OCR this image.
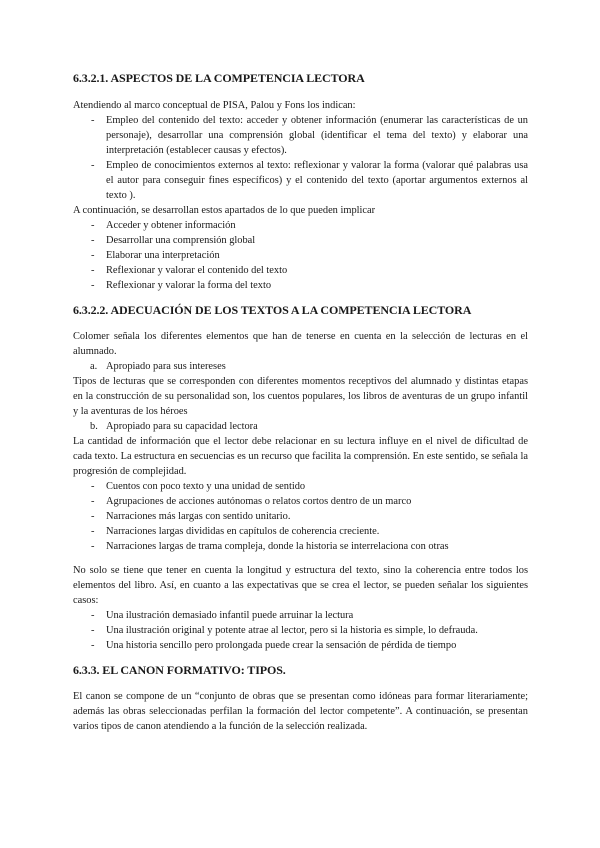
6.3.2.1. ASPECTOS DE LA COMPETENCIA LECTORA

Atendiendo al marco conceptual de PISA, Palou y Fons los indican:

- Empleo del contenido del texto: acceder y obtener información (enumerar las características de un personaje), desarrollar una comprensión global (identificar el tema del texto) y elaborar una interpretación (establecer causas y efectos).
- Empleo de conocimientos externos al texto: reflexionar y valorar la forma (valorar qué palabras usa el autor para conseguir fines específicos) y el contenido del texto (aportar argumentos externos al texto ).

A continuación, se desarrollan estos apartados de lo que pueden implicar

- Acceder y obtener información
- Desarrollar una comprensión global
- Elaborar una interpretación
- Reflexionar y valorar el contenido del texto
- Reflexionar y valorar la forma del texto
6.3.2.2. ADECUACIÓN DE LOS TEXTOS A LA COMPETENCIA LECTORA

Colomer señala los diferentes elementos que han de tenerse en cuenta en la selección de lecturas en el alumnado.

a. Apropiado para sus intereses

Tipos de lecturas que se corresponden con diferentes momentos receptivos del alumnado y distintas etapas en la construcción de su personalidad son, los cuentos populares, los libros de aventuras de un grupo infantil y la aventuras de los héroes

b. Apropiado para su capacidad lectora

La cantidad de información que el lector debe relacionar en su lectura influye en el nivel de dificultad de cada texto. La estructura en secuencias es un recurso que facilita la comprensión. En este sentido, se señala la progresión de complejidad.

- Cuentos con poco texto y una unidad de sentido
- Agrupaciones de acciones autónomas o relatos cortos dentro de un marco
- Narraciones más largas con sentido unitario.
- Narraciones largas divididas en capítulos de coherencia creciente.
- Narraciones largas de trama compleja, donde la historia se interrelaciona con otras

No solo se tiene que tener en cuenta la longitud y estructura del texto, sino la coherencia entre todos los elementos del libro. Así, en cuanto a las expectativas que se crea el lector, se pueden señalar los siguientes casos:

- Una ilustración demasiado infantil puede arruinar la lectura
- Una ilustración original y potente atrae al lector, pero si la historia es simple, lo defrauda.
- Una historia sencillo pero prolongada puede crear la sensación de pérdida de tiempo
6.3.3. EL CANON FORMATIVO: TIPOS.

El canon se compone de un “conjunto de obras que se presentan como idóneas para formar literariamente; además las obras seleccionadas perfilan la formación del lector competente”. A continuación, se presentan varios tipos de canon atendiendo a la función de la selección realizada.
